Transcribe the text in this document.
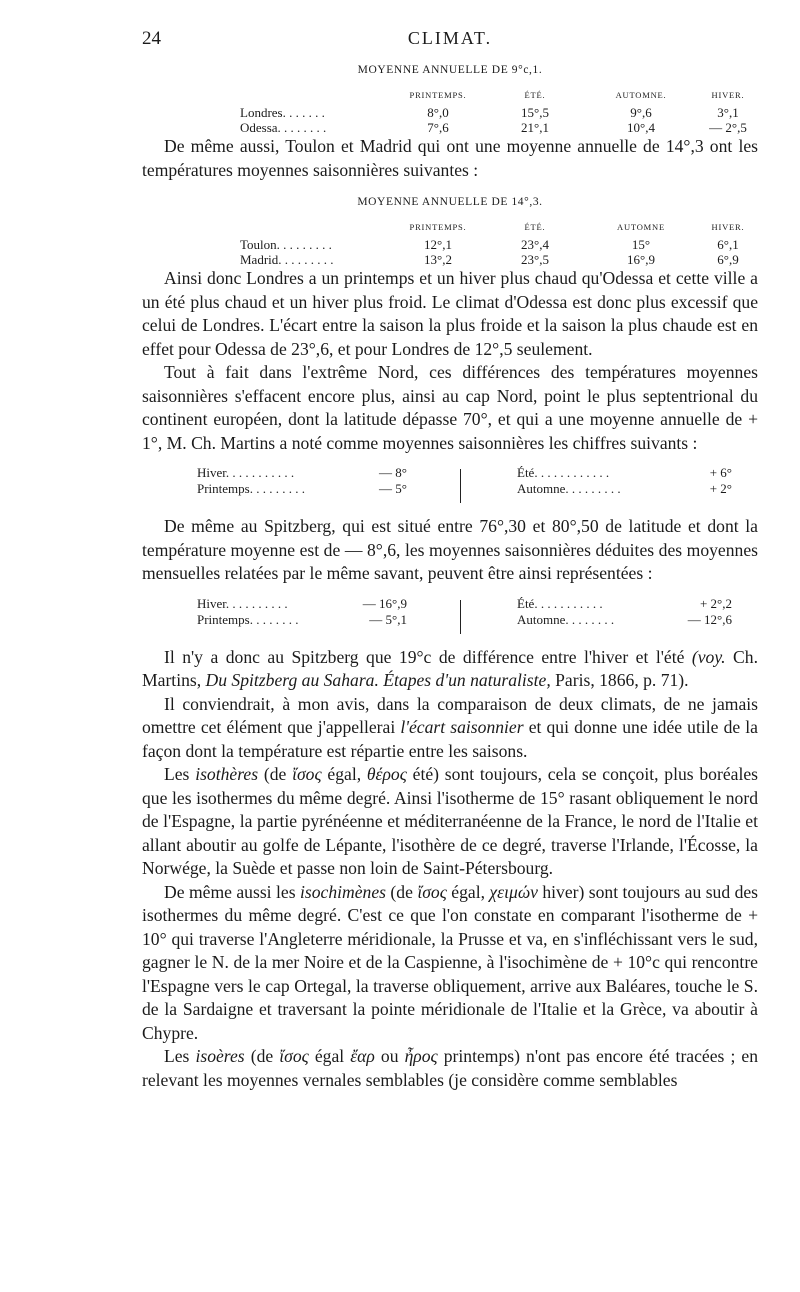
24	CLIMAT.
MOYENNE ANNUELLE DE 9°c,1.
	PRINTEMPS.	ÉTÉ.	AUTOMNE.	HIVER.
Londres. . . . . . .	8°,0	15°,5	9°,6	3°,1
Odessa. . . . . . . .	7°,6	21°,1	10°,4	— 2°,5

De même aussi, Toulon et Madrid qui ont une moyenne annuelle de 14°,3 ont les températures moyennes saisonnières suivantes :

MOYENNE ANNUELLE DE 14°,3.
	PRINTEMPS.	ÉTÉ.	AUTOMNE	HIVER.
Toulon. . . . . . . . .	12°,1	23°,4	15°	6°,1
Madrid. . . . . . . . .	13°,2	23°,5	16°,9	6°,9

Ainsi donc Londres a un printemps et un hiver plus chaud qu'Odessa et cette ville a un été plus chaud et un hiver plus froid. Le climat d'Odessa est donc plus excessif que celui de Londres. L'écart entre la saison la plus froide et la saison la plus chaude est en effet pour Odessa de 23°,6, et pour Londres de 12°,5 seulement.

Tout à fait dans l'extrême Nord, ces différences des températures moyennes saisonnières s'effacent encore plus, ainsi au cap Nord, point le plus septentrional du continent européen, dont la latitude dépasse 70°, et qui a une moyenne annuelle de + 1°, M. Ch. Martins a noté comme moyennes saisonnières les chiffres suivants :

Hiver. . . . . . . . . . .	— 8°
Printemps. . . . . . . . .	— 5°
Été. . . . . . . . . . . .	+ 6°
Automne. . . . . . . . .	+ 2°

De même au Spitzberg, qui est situé entre 76°,30 et 80°,50 de latitude et dont la température moyenne est de — 8°,6, les moyennes saisonnières déduites des moyennes mensuelles relatées par le même savant, peuvent être ainsi représentées :

Hiver. . . . . . . . . .	— 16°,9
Printemps. . . . . . . .	— 5°,1
Été. . . . . . . . . . .	+ 2°,2
Automne. . . . . . . .	— 12°,6

Il n'y a donc au Spitzberg que 19°c de différence entre l'hiver et l'été (voy. Ch. Martins, Du Spitzberg au Sahara. Étapes d'un naturaliste, Paris, 1866, p. 71).

Il conviendrait, à mon avis, dans la comparaison de deux climats, de ne jamais omettre cet élément que j'appellerai l'écart saisonnier et qui donne une idée utile de la façon dont la température est répartie entre les saisons.

Les isothères (de ἴσος égal, θέρος été) sont toujours, cela se conçoit, plus boréales que les isothermes du même degré. Ainsi l'isotherme de 15° rasant obliquement le nord de l'Espagne, la partie pyrénéenne et méditerranéenne de la France, le nord de l'Italie et allant aboutir au golfe de Lépante, l'isothère de ce degré, traverse l'Irlande, l'Écosse, la Norwége, la Suède et passe non loin de Saint-Pétersbourg.

De même aussi les isochimènes (de ἴσος égal, χειμών hiver) sont toujours au sud des isothermes du même degré. C'est ce que l'on constate en comparant l'isotherme de + 10° qui traverse l'Angleterre méridionale, la Prusse et va, en s'infléchissant vers le sud, gagner le N. de la mer Noire et de la Caspienne, à l'isochimène de + 10°c qui rencontre l'Espagne vers le cap Ortegal, la traverse obliquement, arrive aux Baléares, touche le S. de la Sardaigne et traversant la pointe méridionale de l'Italie et la Grèce, va aboutir à Chypre.

Les isoères (de ἴσος égal ἔαρ ou ἦρος printemps) n'ont pas encore été tracées ; en relevant les moyennes vernales semblables (je considère comme semblables
